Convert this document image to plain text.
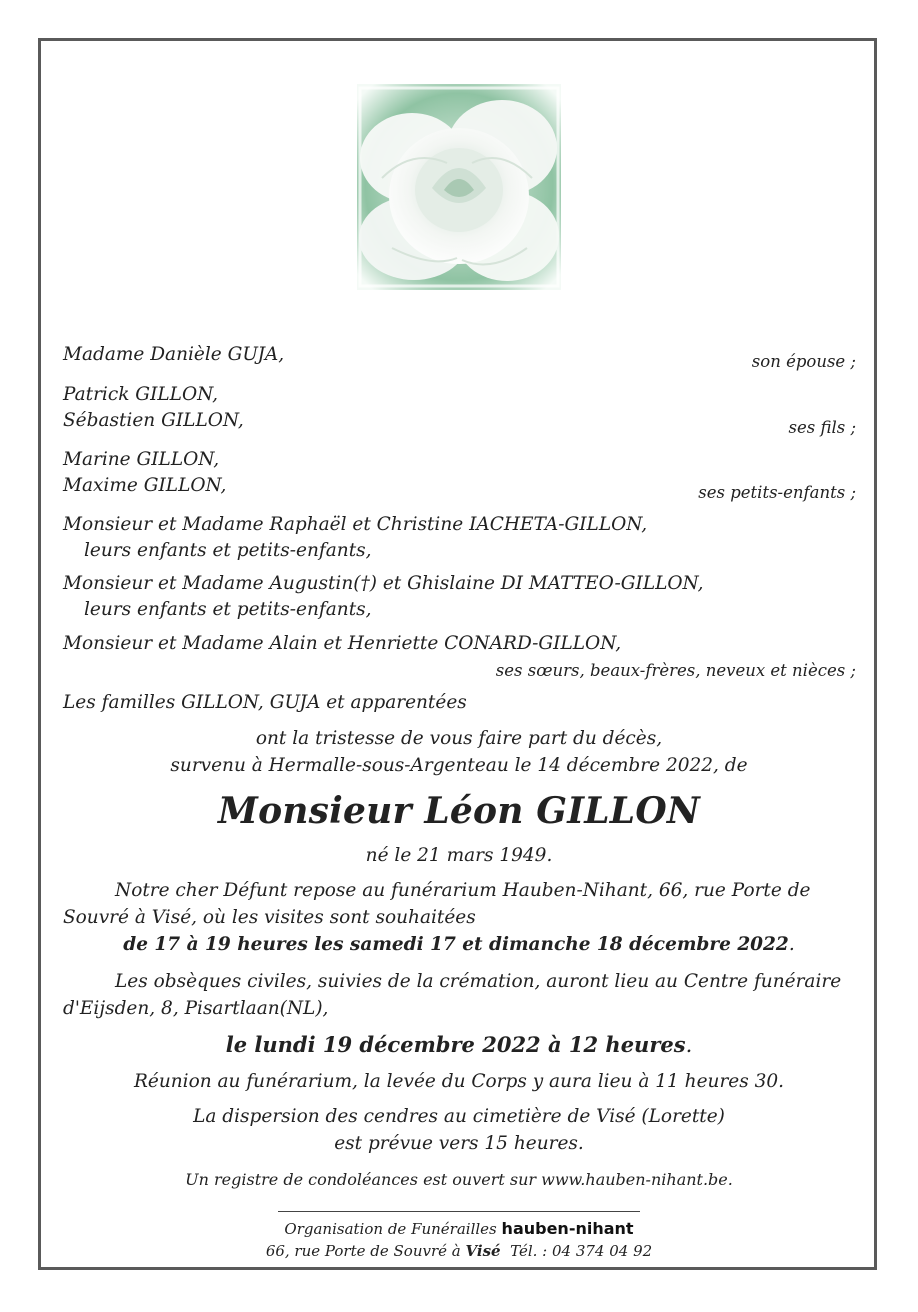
Madame Danièle GUJA,	son épouse ;
Patrick GILLON,
Sébastien GILLON,	ses fils ;
Marine GILLON,
Maxime GILLON,	ses petits-enfants ;
Monsieur et Madame Raphaël et Christine IACHETA-GILLON,
leurs enfants et petits-enfants,
Monsieur et Madame Augustin(†) et Ghislaine DI MATTEO-GILLON,
leurs enfants et petits-enfants,
Monsieur et Madame Alain et Henriette CONARD-GILLON,
ses sœurs, beaux-frères, neveux et nièces ;
Les familles GILLON, GUJA et apparentées
ont la tristesse de vous faire part du décès,
survenu à Hermalle-sous-Argenteau le 14 décembre 2022, de
Monsieur Léon GILLON
né le 21 mars 1949.
Notre cher Défunt repose au funérarium Hauben-Nihant, 66, rue Porte de
Souvré à Visé, où les visites sont souhaitées
de 17 à 19 heures les samedi 17 et dimanche 18 décembre 2022.
Les obsèques civiles, suivies de la crémation, auront lieu au Centre funéraire
d'Eijsden, 8, Pisartlaan(NL),
le lundi 19 décembre 2022 à 12 heures.
Réunion au funérarium, la levée du Corps y aura lieu à 11 heures 30.
La dispersion des cendres au cimetière de Visé (Lorette)
est prévue vers 15 heures.
Un registre de condoléances est ouvert sur www.hauben-nihant.be.
Organisation de Funérailles hauben-nihant
66, rue Porte de Souvré à Visé Tél. : 04 374 04 92
